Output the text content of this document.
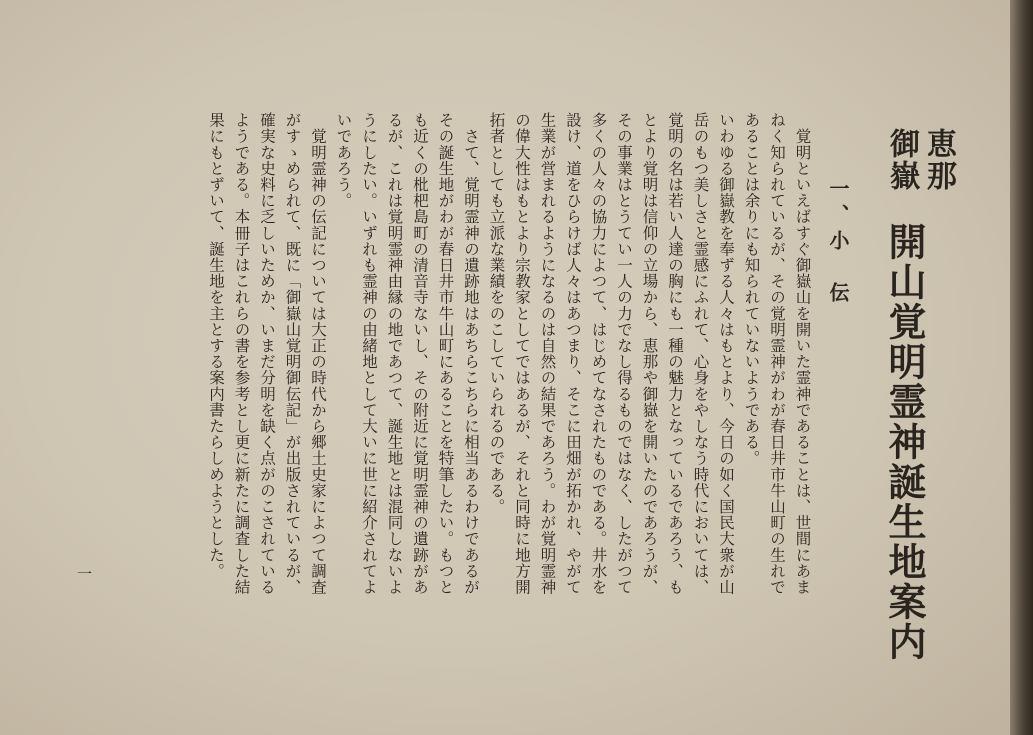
恵那
御嶽
開山覚明霊神誕生地案内
一、小　伝
一	　覚明といえばすぐ御嶽山を開いた霊神であることは、世間にあま
ねく知られているが、その覚明霊神がわが春日井市牛山町の生れで
あることは余りにも知られていないようである。
いわゆる御嶽教を奉ずる人々はもとより、今日の如く国民大衆が山
岳のもつ美しさと霊感にふれて、心身をやしなう時代においては、
覚明の名は若い人達の胸にも一種の魅力となっているであろう、も
とより覚明は信仰の立場から、恵那や御嶽を開いたのであろうが、
その事業はとうてい一人の力でなし得るものではなく、したがつて
多くの人々の協力によつて、はじめてなされたものである。井水を
設け、道をひらけば人々はあつまり、そこに田畑が拓かれ、やがて
生業が営まれるようになるのは自然の結果であろう。わが覚明霊神
の偉大性はもとより宗教家としてではあるが、それと同時に地方開
拓者としても立派な業績をのこしていられるのである。
　さて、覚明霊神の遺跡地はあちらこちらに相当あるわけであるが
その誕生地がわが春日井市牛山町にあることを特筆したい。もつと
も近くの枇杷島町の清音寺ないし、その附近に覚明霊神の遺跡があ
るが、これは覚明霊神由縁の地であつて、誕生地とは混同しないよ
うにしたい。いずれも霊神の由緒地として大いに世に紹介されてよ
いであろう。
　覚明霊神の伝記については大正の時代から郷土史家によつて調査
がすゝめられて、既に「御嶽山覚明御伝記」が出版されているが、
確実な史料に乏しいためか、いまだ分明を缺く点がのこされている
ようである。本冊子はこれらの書を参考とし更に新たに調査した結
果にもとずいて、誕生地を主とする案内書たらしめようとした。
